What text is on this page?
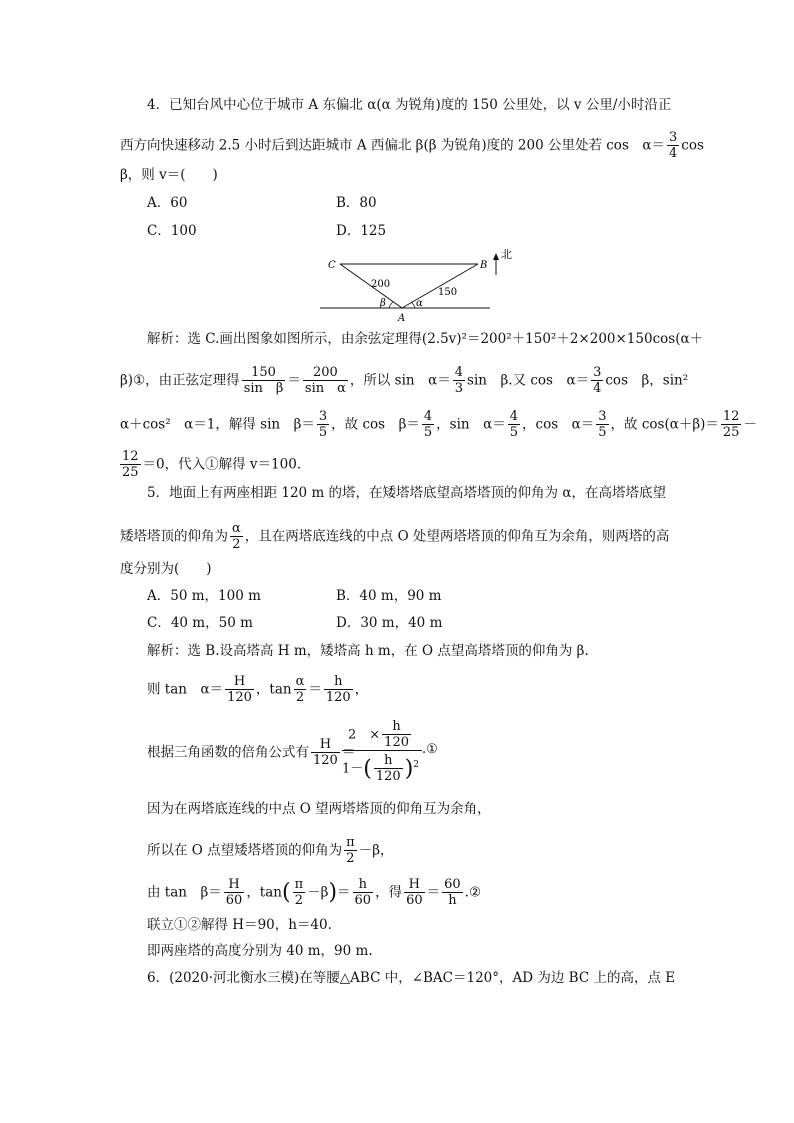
4．已知台风中心位于城市 A 东偏北 α(α 为锐角)度的 150 公里处，以 v 公里/小时沿正
西方向快速移动 2.5 小时后到达距城市 A 西偏北 β(β 为锐角)度的 200 公里处若 cos　$\alpha= \frac{3}{4}$ cos
β，则 v＝(　　)
A．60	B．80
C．100	D．125
C	B
A
200
150
β	α
北
解析：选 C.画出图象如图所示，由余弦定理得(2.5v)²＝200²＋150²＋2×200×150cos(α＋
β)①，由正弦定理得 $\frac{150}{\text{sin　β}} = \frac{200}{\text{sin　α}}$ ，所以 sin　$\alpha= \frac{4}{3}$ sin　β.又 cos　$\alpha= \frac{3}{4}$ cos　β，sin²
α＋cos²　α＝1，解得 sin　$\beta= \frac{3}{5}$ ，故 cos　$\beta= \frac{4}{5}$ ，sin　$\alpha= \frac{4}{5}$ ，cos　$\alpha= \frac{3}{5}$ ，故 $\cos(\alpha+\beta)= \frac{12}{25}$ －
$\frac{12}{25} =0$，代入①解得 v＝100.
5．地面上有两座相距 120 m 的塔，在矮塔塔底望高塔塔顶的仰角为 α，在高塔塔底望
矮塔塔顶的仰角为 $\frac{\alpha}{2}$ ，且在两塔底连线的中点 O 处望两塔塔顶的仰角互为余角，则两塔的高
度分别为(　　)
A．50 m，100 m	B．40 m，90 m
C．40 m，50 m	D．30 m，40 m
解析：选 B.设高塔高 H m，矮塔高 h m，在 O 点望高塔塔顶的仰角为 β.
则 tan　$\alpha= \frac{H}{120}$ ，$\tan \frac{\alpha}{2} = \frac{h}{120}$ ，
根据三角函数的倍角公式有 $\frac{H}{120}$ ＝
2　× $\frac{h}{120}$
$1-( \frac{h}{120} )^2$
.①
因为在两塔底连线的中点 O 望两塔塔顶的仰角互为余角，
所以在 O 点望矮塔塔顶的仰角为 $\frac{\pi}{2} -\beta$，
由 tan　$\beta= \frac{H}{60}$ ，$\tan( \frac{\pi}{2} -\beta)= \frac{h}{60}$ ，得 $\frac{H}{60} = \frac{60}{h}$ .②
联立①②解得 H＝90，h＝40.
即两座塔的高度分别为 40 m，90 m.
6．(2020·河北衡水三模)在等腰△ABC 中，∠BAC＝120°，AD 为边 BC 上的高，点 E
